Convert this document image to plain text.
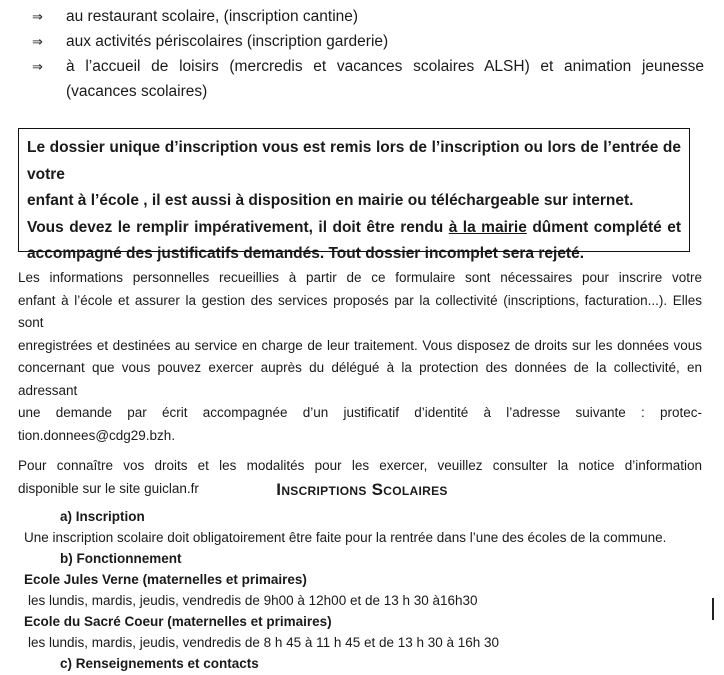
⇒ au restaurant scolaire, (inscription cantine)
⇒ aux activités périscolaires (inscription garderie)
⇒ à l’accueil de loisirs (mercredis et vacances scolaires ALSH) et animation jeunesse
(vacances scolaires)

Le dossier unique d’inscription vous est remis lors de l’inscription ou lors de l’entrée de votre

enfant à l’école , il est aussi à disposition en mairie ou téléchargeable sur internet.

Vous devez le remplir impérativement, il doit être rendu à la mairie dûment complété et

accompagné des justificatifs demandés. Tout dossier incomplet sera rejeté.

Les informations personnelles recueillies à partir de ce formulaire sont nécessaires pour inscrire votre
enfant à l’école et assurer la gestion des services proposés par la collectivité (inscriptions, facturation...). Elles sont
enregistrées et destinées au service en charge de leur traitement. Vous disposez de droits sur les données vous
concernant que vous pouvez exercer auprès du délégué à la protection des données de la collectivité, en adressant
une demande par écrit accompagnée d’un justificatif d’identité à l’adresse suivante : protec-
tion.donnees@cdg29.bzh.
Pour connaître vos droits et les modalités pour les exercer, veuillez consulter la notice d’information
disponible sur le site guiclan.fr	Inscriptions Scolaires
a) Inscription
Une inscription scolaire doit obligatoirement être faite pour la rentrée dans l’une des écoles de la commune.
b) Fonctionnement
Ecole Jules Verne (maternelles et primaires)
les lundis, mardis, jeudis, vendredis de 9h00 à 12h00 et de 13 h 30 à16h30
Ecole du Sacré Coeur (maternelles et primaires)
les lundis, mardis, jeudis, vendredis de 8 h 45 à 11 h 45 et de 13 h 30 à 16h 30
c) Renseignements et contacts
